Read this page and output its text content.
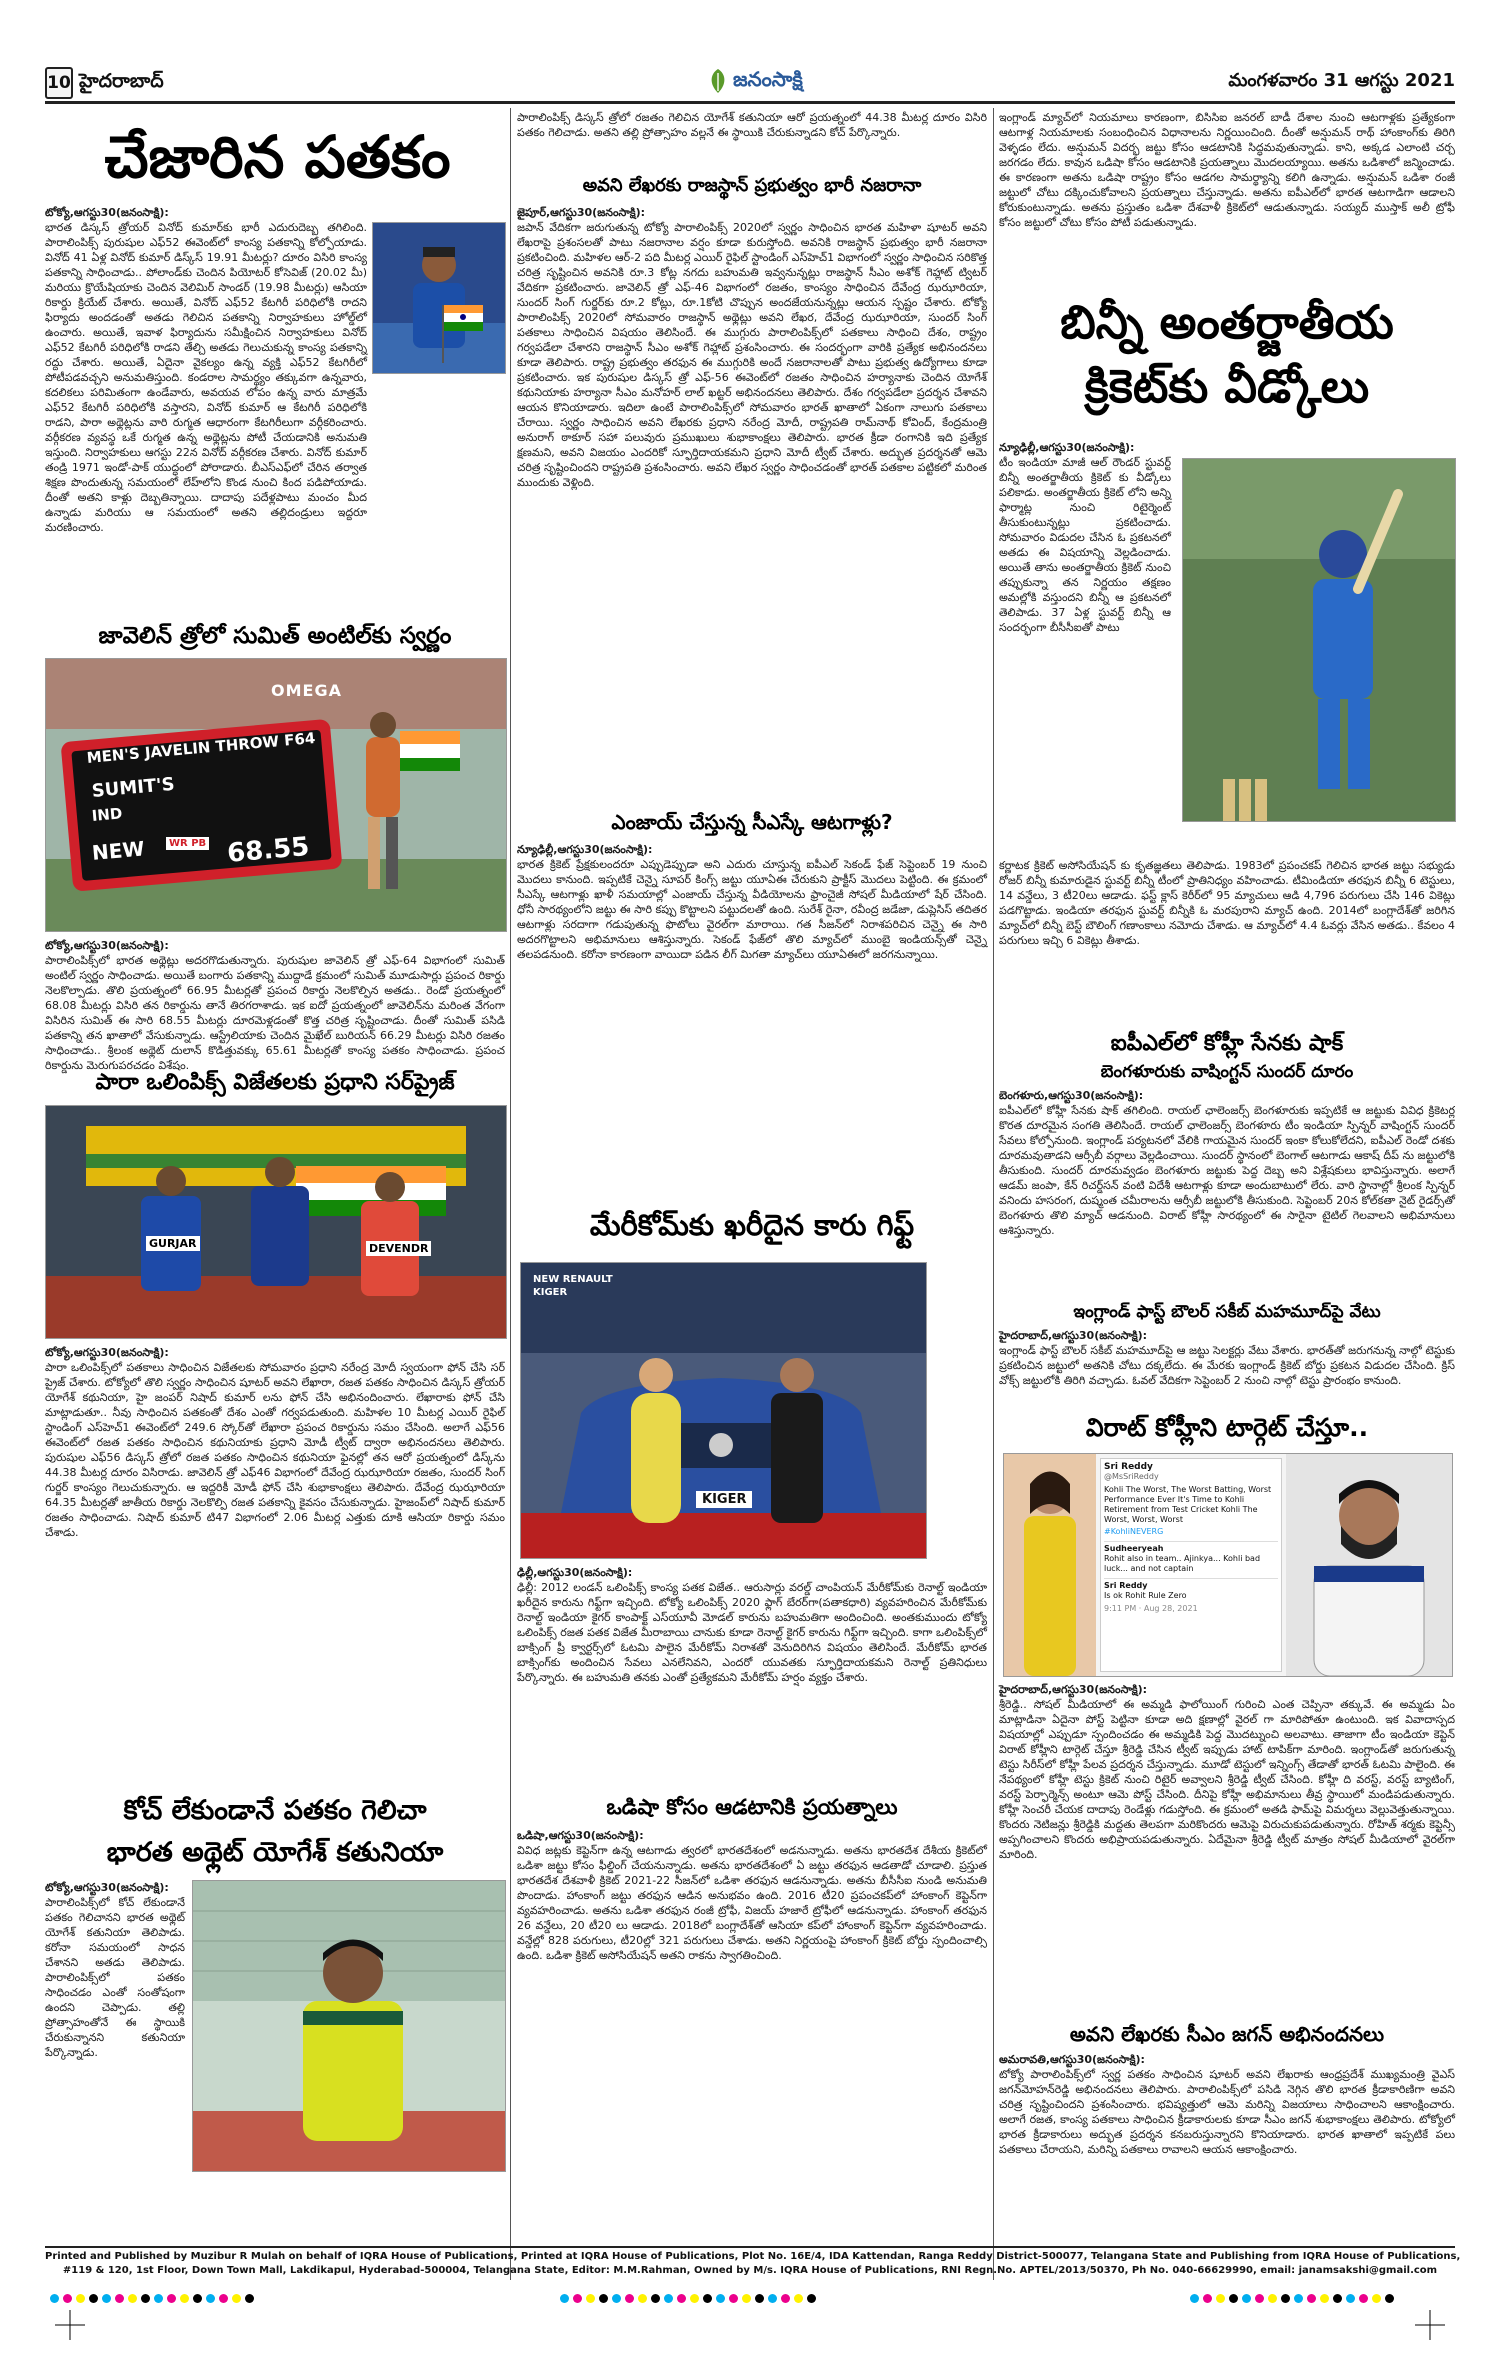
10 హైదరాబాద్	జనంసాక్షి	మంగళవారం 31 ఆగస్టు 2021
చేజారిన పతకం
టోక్యో,ఆగస్టు30(జనంసాక్షి):
భారత డిస్కస్‌ త్రోయర్‌ వినోద్‌ కుమార్‌కు భారీ ఎదురుదెబ్బ తగిలింది. పారాలింపిక్స్‌ పురుషుల ఎఫ్‌52 ఈవెంట్‌లో కాంస్య పతకాన్ని కోల్పోయాడు. వినోద్‌ 41 ఏళ్ల వినోద్‌ కుమార్‌ డిస్క్‌స్‌ 19.91 మీటర్లు? దూరం విసిరి కాంస్య పతకాన్ని సాధించాడు.. పోలాండ్‌కు చెందిన పియోటర్‌ కోసెవిజ్‌ (20.02 మీ) మరియు క్రొయేషియాకు చెందిన వెలిమిర్‌ సాండర్‌ (19.98 మీటర్లు) ఆసియా రికార్డు క్రియేట్‌ చేశారు. అయితే, వినోద్‌ ఎఫ్‌52 కేటగిరీ పరిధిలోకి రాదని ఫిర్యాదు అందడంతో అతడు గెలిచిన పతకాన్ని నిర్వాహకులు హోల్డ్‌లో ఉంచారు. అయితే, ఇవాళ ఫిర్యాదును సమీక్షించిన నిర్వాహకులు వినోద్‌ ఎఫ్‌52 కేటగిరీ పరిధిలోకి రాడని తేల్చి అతడు గెలుచుకున్న కాంస్య పతకాన్ని రద్దు చేశారు. అయితే, ఏదైనా వైకల్యం ఉన్న వ్యక్తి ఎఫ్‌52 కేటగిరీలో పోటీపడవచ్చని అనుమతిస్తుంది. కండరాల సామర్థ్యం తక్కువగా ఉన్నవారు, కదలికలు పరిమితంగా ఉండేవారు, అవయవ లోపం ఉన్న వారు మాత్రమే ఎఫ్‌52 కేటగిరీ పరిధిలోకి వస్తారని, వినోద్‌ కుమార్‌ ఆ కేటగిరీ పరిధిలోకి రాడని, పారా అథ్లెట్లను వారి రుగ్మత ఆధారంగా కేటగిరీలుగా వర్గీకరించారు. వర్గీకరణ వ్యవస్థ ఒకే రుగ్మత ఉన్న అథ్లెట్లను పోటీ చేయడానికి అనుమతి ఇస్తుంది. నిర్వాహకులు ఆగస్టు 22న వినోద్‌ వర్గీకరణ చేశారు. వినోద్‌ కుమార్‌ తండ్రి 1971 ఇండో-పాక్‌ యుద్ధంలో పోరాడారు. బీఎస్‌ఎఫ్‌లో చేరిన తర్వాత శిక్షణ పొందుతున్న సమయంలో లేహ్‌లోని కొండ నుంచి కింద పడిపోయాడు. దీంతో అతని కాళ్లు దెబ్బతిన్నాయి. దాదాపు పదేళ్లపాటు మంచం మీద ఉన్నాడు మరియు ఆ సమయంలో అతని తల్లిదండ్రులు ఇద్దరూ మరణించారు.
జావెలిన్‌ త్రోలో సుమిత్‌ అంటిల్‌కు స్వర్ణం
OMEGA
MEN'S JAVELIN THROW F64
SUMIT'S
IND
NEW	WR PB 68.55
టోక్యో,ఆగస్టు30(జనంసాక్షి):
పారాలింపిక్స్‌లో భారత అథ్లెట్లు అదరగొడుతున్నారు. పురుషుల జావెలిన్‌ త్రో ఎఫ్‌-64 విభాగంలో సుమిత్‌ అంటిల్‌ స్వర్ణం సాధించాడు. అయితే బంగారు పతకాన్ని ముద్దాడే క్రమంలో సుమిత్‌ మూడుసార్లు ప్రపంచ రికార్డు నెలకొల్పాడు. తొలి ప్రయత్నంలో 66.95 మీటర్లతో ప్రపంచ రికార్డు నెలకొల్పిన అతడు.. రెండో ప్రయత్నంలో 68.08 మీటర్లు విసిరి తన రికార్డును తానే తిరగరాశాడు. ఇక ఐదో ప్రయత్నంలో జావెలిన్‌ను మరింత వేగంగా విసిరిన సుమిత్‌ ఈ సారి 68.55 మీటర్లు దూరమెళ్లడంతో కొత్త చరిత్ర సృష్టించాడు. దీంతో సుమిత్‌ పసిడి పతకాన్ని తన ఖాతాలో వేసుకున్నాడు. ఆస్ట్రేలియాకు చెందిన మైఖేల్‌ బురియన్‌ 66.29 మీటర్లు విసిరి రజతం సాధించాడు.. శ్రీలంక అథ్లెట్‌ దులాన్‌ కొడిత్తువక్కు 65.61 మీటర్లతో కాంస్య పతకం సాధించాడు. ప్రపంచ రికార్డును మెరుగుపరచడం విశేషం.
పారా ఒలింపిక్స్‌ విజేతలకు ప్రధాని సర్‌ప్రైజ్‌
GURJAR	DEVENDR
టోక్యో,ఆగస్టు30(జనంసాక్షి):
పారా ఒలింపిక్స్‌లో పతకాలు సాధించిన విజేతలకు సోమవారం ప్రధాని నరేంద్ర మోదీ స్వయంగా ఫోన్‌ చేసి సర్‌ ప్రైజ్‌ చేశారు. టోక్యోలో తొలి స్వర్ణం సాధించిన షూటర్‌ అవని లేఖారా, రజత పతకం సాధించిన డిస్కస్‌ త్రోయర్‌ యోగేశ్‌ కథునియా, హై జంపర్‌ నిషాద్‌ కుమార్‌ లను ఫోన్‌ చేసి అభినందించారు. లేఖారాకు ఫోన్‌ చేసి మాట్లాడుతూ.. నీవు సాధించిన పతకంతో దేశం ఎంతో గర్వపడుతుంది. మహిళల 10 మీటర్ల ఎయిర్‌ రైఫిల్‌ స్టాండింగ్‌ ఎస్‌హెచ్‌1 ఈవెంట్‌లో 249.6 స్కోర్‌తో లేఖారా ప్రపంచ రికార్డును సమం చేసింది. అలాగే ఎఫ్‌56 ఈవెంట్‌లో రజత పతకం సాధించిన కథునియాకు ప్రధాని మోడీ ట్వీట్‌ ద్వారా అభినందనలు తెలిపారు. పురుషుల ఎఫ్‌56 డిస్కస్‌ త్రోలో రజత పతకం సాధించిన కథునియా ఫైనల్లో తన ఆరో ప్రయత్నంలో డిస్క్‌ను 44.38 మీటర్ల దూరం విసిరాడు. జావెలిన్‌ త్రో ఎఫ్‌46 విభాగంలో దేవేంద్ర ఝఝారియా రజతం, సుందర్‌ సింగ్‌ గుర్జర్‌ కాంస్యం గెలుచుకున్నారు. ఆ ఇద్దరికీ మోడీ ఫోన్‌ చేసి శుభాకాంక్షలు తెలిపారు. దేవేంద్ర ఝఝారియా 64.35 మీటర్లతో జాతీయ రికార్డు నెలకొల్పి రజత పతకాన్ని కైవసం చేసుకున్నాడు. హైజంప్‌లో నిషాద్‌ కుమార్‌ రజతం సాధించాడు. నిషాద్‌ కుమార్‌ టి47 విభాగంలో 2.06 మీటర్ల ఎత్తుకు దూకి ఆసియా రికార్డు సమం చేశాడు.
కోచ్‌ లేకుండానే పతకం గెలిచా
భారత అథ్లెట్‌ యోగేశ్‌ కతునియా
టోక్యో,ఆగస్టు30(జనంసాక్షి):
పారాలింపిక్స్‌లో కోచ్‌ లేకుండానే పతకం గెలిచానని భారత అథ్లెట్‌ యోగేశ్‌ కతునియా తెలిపాడు. కరోనా సమయంలో సాధన చేశానని అతడు తెలిపాడు. పారాలింపిక్స్‌లో పతకం సాధించడం ఎంతో సంతోషంగా ఉందని చెప్పాడు. తల్లి ప్రోత్సాహంతోనే ఈ స్థాయికి చేరుకున్నానని కతునియా పేర్కొన్నాడు.
పారాలింపిక్స్‌ డిస్కస్‌ త్రోలో రజతం గెలిచిన యోగేశ్‌ కతునియా ఆరో ప్రయత్నంలో 44.38 మీటర్ల దూరం విసిరి పతకం గెలిచాడు. అతని తల్లి ప్రోత్సాహం వల్లనే ఈ స్థాయికి చేరుకున్నాడని కోచ్‌ పేర్కొన్నారు.
అవని లేఖరకు రాజస్థాన్‌ ప్రభుత్వం భారీ నజరానా
జైపూర్‌,ఆగస్టు30(జనంసాక్షి):
జపాన్‌ వేదికగా జరుగుతున్న టోక్యో పారాలింపిక్స్‌ 2020లో స్వర్ణం సాధించిన భారత మహిళా షూటర్‌ అవని లేఖరాపై ప్రశంసలతో పాటు నజరానాల వర్షం కూడా కురుస్తోంది. అవనికి రాజస్థాన్‌ ప్రభుత్వం భారీ నజరానా ప్రకటించింది. మహిళల ఆర్‌-2 పది మీటర్ల ఎయిర్‌ రైఫిల్‌ స్టాండింగ్‌ ఎస్‌హెచ్‌1 విభాగంలో స్వర్ణం సాధించిన సరికొత్త చరిత్ర సృష్టించిన అవనికి రూ.3 కోట్ల నగదు బహుమతి ఇవ్వనున్నట్లు రాజస్థాన్‌ సీఎం అశోక్‌ గెహ్లాట్‌ ట్విటర్‌ వేదికగా ప్రకటించారు. జావెలిన్‌ త్రో ఎఫ్‌-46 విభాగంలో రజతం, కాంస్యం సాధించిన దేవేంద్ర ఝఝారియా, సుందర్‌ సింగ్‌ గుర్జర్‌కు రూ.2 కోట్లు, రూ.1కోటి చొప్పున అందజేయనున్నట్లు ఆయన స్పష్టం చేశారు. టోక్యో పారాలింపిక్స్‌ 2020లో సోమవారం రాజస్థాన్‌ అథ్లెట్లు అవని లేఖర, దేవేంద్ర ఝఝారియా, సుందర్‌ సింగ్‌ పతకాలు సాధించిన విషయం తెలిసిందే. ఈ ముగ్గురు పారాలింపిక్స్‌లో పతకాలు సాధించి దేశం, రాష్ట్రం గర్వపడేలా చేశారని రాజస్థాన్‌ సీఎం అశోక్‌ గెహ్లాట్‌ ప్రశంసించారు. ఈ సందర్భంగా వారికి ప్రత్యేక అభినందనలు కూడా తెలిపారు. రాష్ట్ర ప్రభుత్వం తరఫున ఈ ముగ్గురికి అందే నజరానాలతో పాటు ప్రభుత్వ ఉద్యోగాలు కూడా ప్రకటించారు. ఇక పురుషుల డిస్కస్‌ త్రో ఎఫ్‌-56 ఈవెంట్‌లో రజతం సాధించిన హర్యానాకు చెందిన యోగేశ్‌ కథునియాకు హర్యానా సీఎం మనోహర్‌ లాల్‌ ఖట్టర్‌ అభినందనలు తెలిపారు. దేశం గర్వపడేలా ప్రదర్శన చేశావని ఆయన కొనియాడారు. ఇదిలా ఉంటే పారాలింపిక్స్‌లో సోమవారం భారత్‌ ఖాతాలో ఏకంగా నాలుగు పతకాలు చేరాయి. స్వర్ణం సాధించిన అవని లేఖరకు ప్రధాని నరేంద్ర మోదీ, రాష్ట్రపతి రామ్‌నాథ్‌ కోవింద్‌, కేంద్రమంత్రి అనురాగ్‌ ఠాకూర్‌ సహా పలువురు ప్రముఖులు శుభాకాంక్షలు తెలిపారు. భారత క్రీడా రంగానికి ఇది ప్రత్యేక క్షణమని, అవని విజయం ఎందరికో స్ఫూర్తిదాయకమని ప్రధాని మోదీ ట్వీట్‌ చేశారు. అద్భుత ప్రదర్శనతో ఆమె చరిత్ర సృష్టించిందని రాష్ట్రపతి ప్రశంసించారు. అవని లేఖర స్వర్ణం సాధించడంతో భారత్‌ పతకాల పట్టికలో మరింత ముందుకు వెళ్లింది.
ఎంజాయ్‌ చేస్తున్న సీఎస్కే ఆటగాళ్లు?
న్యూఢిల్లీ,ఆగస్టు30(జనంసాక్షి):
భారత క్రికెట్‌ ప్రేక్షకులందరూ ఎప్పుడెప్పుడా అని ఎదురు చూస్తున్న ఐపీఎల్‌ సెకండ్‌ ఫేజ్‌ సెప్టెంబర్‌ 19 నుంచి మొదలు కానుంది. ఇప్పటికే చెన్నై సూపర్‌ కింగ్స్‌ జట్టు యూఏఈ చేరుకుని ప్రాక్టీస్‌ మొదలు పెట్టింది. ఈ క్రమంలో సీఎస్కే ఆటగాళ్లు ఖాళీ సమయాల్లో ఎంజాయ్‌ చేస్తున్న వీడియోలను ఫ్రాంచైజీ సోషల్‌ మీడియాలో షేర్‌ చేసింది. ధోనీ సారథ్యంలోని జట్టు ఈ సారి కప్పు కొట్టాలని పట్టుదలతో ఉంది. సురేశ్‌ రైనా, రవీంద్ర జడేజా, డుప్లెసిస్‌ తదితర ఆటగాళ్లు సరదాగా గడుపుతున్న ఫొటోలు వైరల్‌గా మారాయి. గత సీజన్‌లో నిరాశపరిచిన చెన్నై ఈ సారి అదరగొట్టాలని అభిమానులు ఆశిస్తున్నారు. సెకండ్‌ ఫేజ్‌లో తొలి మ్యాచ్‌లో ముంబై ఇండియన్స్‌తో చెన్నై తలపడనుంది. కరోనా కారణంగా వాయిదా పడిన లీగ్‌ మిగతా మ్యాచ్‌లు యూఏఈలో జరగనున్నాయి.
మేరీకోమ్‌కు ఖరీదైన కారు గిఫ్ట్‌
NEW RENAULT KIGER
KIGER
ఢిల్లీ,ఆగస్టు30(జనంసాక్షి):
ఢిల్లీ: 2012 లండన్‌ ఒలింపిక్స్‌ కాంస్య పతక విజేత.. ఆరుసార్లు వరల్డ్‌ చాంపియన్‌ మేరీకోమ్‌కు రెనాల్ట్‌ ఇండియా ఖరీదైన కారును గిఫ్ట్‌గా ఇచ్చింది. టోక్యో ఒలింపిక్స్‌ 2020 ఫ్లాగ్‌ బేరర్‌గా(పతాకధారి) వ్యవహరించిన మేరీకోమ్‌కు రెనాల్ట్‌ ఇండియా కైగర్‌ కాంపాక్ట్‌ ఎస్‌యూవీ మోడల్‌ కారును బహుమతిగా అందించింది. అంతకుముందు టోక్యో ఒలింపిక్స్‌ రజత పతక విజేత మీరాబాయి చానుకు కూడా రెనాల్ట్‌ కైగర్‌ కారును గిఫ్ట్‌గా ఇచ్చింది. కాగా ఒలింపిక్స్‌లో బాక్సింగ్‌ ప్రీ క్వార్టర్స్‌లో ఓటమి పాలైన మేరీకోమ్‌ నిరాశతో వెనుదిరిగిన విషయం తెలిసిందే. మేరీకోమ్‌ భారత బాక్సింగ్‌కు అందించిన సేవలు ఎనలేనివని, ఎందరో యువతకు స్ఫూర్తిదాయకమని రెనాల్ట్‌ ప్రతినిధులు పేర్కొన్నారు. ఈ బహుమతి తనకు ఎంతో ప్రత్యేకమని మేరీకోమ్‌ హర్షం వ్యక్తం చేశారు.
ఒడిషా కోసం ఆడటానికి ప్రయత్నాలు
ఒడిషా,ఆగస్టు30(జనంసాక్షి):
వివిధ జట్లకు కెప్టెన్‌గా ఉన్న ఆటగాడు త్వరలో భారతదేశంలో అడనున్నాడు. అతను భారతదేశ దేశీయ క్రికెట్‌లో ఒడిశా జట్టు కోసం ఫీల్డింగ్‌ చేయనున్నాడు. అతను భారతదేశంలో ఏ జట్టు తరఫున ఆడతాడో చూడాలి. ప్రస్తుత భారతదేశ దేశవాళీ క్రికెట్‌ 2021-22 సీజన్‌లో ఒడిశా తరఫున ఆడనున్నాడు. అతను బీసీసీఐ నుండి అనుమతి పొందాడు. హాంకాంగ్‌ జట్టు తరఫున ఆడిన అనుభవం ఉంది. 2016 టీ20 ప్రపంచకప్‌లో హాంకాంగ్‌ కెప్టెన్‌గా వ్యవహరించాడు. అతను ఒడిశా తరఫున రంజీ ట్రోఫీ, విజయ్‌ హజారే ట్రోఫీలో ఆడనున్నాడు. హాంకాంగ్‌ తరఫున 26 వన్డేలు, 20 టీ20 లు ఆడాడు. 2018లో బంగ్లాదేశ్‌తో ఆసియా కప్‌లో హాంకాంగ్‌ కెప్టెన్‌గా వ్యవహరించాడు. వన్డేల్లో 828 పరుగులు, టీ20ల్లో 321 పరుగులు చేశాడు. అతని నిర్ణయంపై హాంకాంగ్‌ క్రికెట్‌ బోర్డు స్పందించాల్సి ఉంది. ఒడిశా క్రికెట్‌ అసోసియేషన్‌ అతని రాకను స్వాగతించింది.
ఇంగ్లాండ్‌ మ్యాచ్‌లో నియమాలు కారణంగా, బిసిసిఐ జనరల్‌ బాడీ దేశాల నుంచి ఆటగాళ్లకు ప్రత్యేకంగా ఆటగాళ్ల నియమాలకు సంబంధించిన విధానాలను నిర్ణయించింది. దీంతో అన్షుమన్‌ రాథ్‌ హాంకాంగ్‌కు తిరిగి వెళ్ళడం లేదు. అన్షుమన్‌ విదర్భ జట్టు కోసం ఆడటానికి సిద్ధమవుతున్నాడు. కాని, అక్కడ ఎలాంటి చర్చ జరగడం లేదు. కావున ఒడిషా కోసం ఆడటానికి ప్రయత్నాలు మొదలయ్యాయి. అతను ఒడిశాలో జన్మించాడు. ఈ కారణంగా అతను ఒడిషా రాష్ట్రం కోసం ఆడగల సామర్థ్యాన్ని కలిగి ఉన్నాడు. అన్షుమన్‌ ఒడిశా రంజీ జట్టులో చోటు దక్కించుకోవాలని ప్రయత్నాలు చేస్తున్నాడు. అతను ఐపీఎల్‌లో భారత ఆటగాడిగా ఆడాలని కోరుకుంటున్నాడు. అతను ప్రస్తుతం ఒడిశా దేశవాళీ క్రికెట్‌లో ఆడుతున్నాడు. సయ్యద్‌ ముస్తాక్‌ అలీ ట్రోఫీ కోసం జట్టులో చోటు కోసం పోటీ పడుతున్నాడు.
బిన్నీ అంతర్జాతీయ
క్రికెట్‌కు వీడ్కోలు
న్యూఢిల్లీ,ఆగస్టు30(జనంసాక్షి):
టీం ఇండియా మాజీ ఆల్‌ రౌండర్‌ స్టువర్ట్‌ బిన్నీ అంతర్జాతీయ క్రికెట్‌ కు వీడ్కోలు పలికాడు. అంతర్జాతీయ క్రికెట్‌ లోని అన్ని ఫార్మాట్ల నుంచి రిటైర్మెంట్‌ తీసుకుంటున్నట్లు ప్రకటించాడు. సోమవారం విడుదల చేసిన ఓ ప్రకటనలో అతడు ఈ విషయాన్ని వెల్లడించాడు. అయితే తాను అంతర్జాతీయ క్రికెట్‌ నుంచి తప్పుకున్నా తన నిర్ణయం తక్షణం అమల్లోకి వస్తుందని బిన్నీ ఆ ప్రకటనలో తెలిపాడు. 37 ఏళ్ల స్టువర్ట్‌ బిన్నీ ఆ సందర్భంగా బీసీసీఐతో పాటు
కర్ణాటక క్రికెట్‌ అసోసియేషన్‌ కు కృతజ్ఞతలు తెలిపాడు. 1983లో ప్రపంచకప్‌ గెలిచిన భారత జట్టు సభ్యుడు రోజర్‌ బిన్నీ కుమారుడైన స్టువర్ట్‌ బిన్నీ టీంలో ప్రాతినిధ్యం వహించాడు. టీమిండియా తరఫున బిన్నీ 6 టెస్టులు, 14 వన్డేలు, 3 టీ20లు ఆడాడు. ఫస్ట్‌ క్లాస్‌ కెరీర్‌లో 95 మ్యాచులు ఆడి 4,796 పరుగులు చేసి 146 వికెట్లు పడగొట్టాడు. ఇండియా తరఫున స్టువర్ట్‌ బిన్నీకి ఓ మరపురాని మ్యాచ్‌ ఉంది. 2014లో బంగ్లాదేశ్‌తో జరిగిన మ్యాచ్‌లో బిన్నీ బెస్ట్‌ బౌలింగ్‌ గణాంకాలు నమోదు చేశాడు. ఆ మ్యాచ్‌లో 4.4 ఓవర్లు వేసిన అతడు.. కేవలం 4 పరుగులు ఇచ్చి 6 వికెట్లు తీశాడు.
ఐపీఎల్‌లో కోహ్లీ సేనకు షాక్‌
బెంగళూరుకు వాషింగ్టన్‌ సుందర్‌ దూరం
బెంగళూరు,ఆగస్టు30(జనంసాక్షి):
ఐపీఎల్‌లో కోహ్లీ సేనకు షాక్‌ తగిలింది. రాయల్‌ ఛాలెంజర్స్‌ బెంగళూరుకు ఇప్పటికే ఆ జట్టుకు వివిధ క్రికెటర్ల కొరత దూరమైన సంగతి తెలిసిందే. రాయల్‌ ఛాలెంజర్స్‌ బెంగళూరు టీం ఇండియా స్పిన్నర్‌ వాషింగ్టన్‌ సుందర్‌ సేవలు కోల్పోనుంది. ఇంగ్లాండ్‌ పర్యటనలో వేలికి గాయమైన సుందర్‌ ఇంకా కోలుకోలేదని, ఐపీఎల్‌ రెండో దశకు దూరమవుతాడని ఆర్సీబీ వర్గాలు వెల్లడించాయి. సుందర్‌ స్థానంలో బెంగాల్‌ ఆటగాడు ఆకాష్‌ దీప్‌ ను జట్టులోకి తీసుకుంది. సుందర్‌ దూరమవ్వడం బెంగళూరు జట్టుకు పెద్ద దెబ్బ అని విశ్లేషకులు భావిస్తున్నారు. అలాగే ఆడమ్‌ జంపా, కేన్‌ రిచర్డ్‌సన్‌ వంటి విదేశీ ఆటగాళ్లు కూడా అందుబాటులో లేరు. వారి స్థానాల్లో శ్రీలంక స్పిన్నర్‌ వనిందు హసరంగ, దుష్మంత చమీరాలను ఆర్సీబీ జట్టులోకి తీసుకుంది. సెప్టెంబర్‌ 20న కోల్‌కతా నైట్‌ రైడర్స్‌తో బెంగళూరు తొలి మ్యాచ్‌ ఆడనుంది. విరాట్‌ కోహ్లీ సారథ్యంలో ఈ సారైనా టైటిల్‌ గెలవాలని అభిమానులు ఆశిస్తున్నారు.
ఇంగ్లాండ్‌ ఫాస్ట్‌ బౌలర్‌ సకీబ్‌ మహమూద్‌పై వేటు
హైదరాబాద్‌,ఆగస్టు30(జనంసాక్షి):
ఇంగ్లాండ్‌ ఫాస్ట్‌ బౌలర్‌ సకీబ్‌ మహమూద్‌పై ఆ జట్టు సెలక్టర్లు వేటు వేశారు. భారత్‌తో జరుగనున్న నాల్గో టెస్టుకు ప్రకటించిన జట్టులో అతనికి చోటు దక్కలేదు. ఈ మేరకు ఇంగ్లాండ్‌ క్రికెట్‌ బోర్డు ప్రకటన విడుదల చేసింది. క్రిస్‌ వోక్స్‌ జట్టులోకి తిరిగి వచ్చాడు. ఓవల్‌ వేదికగా సెప్టెంబర్‌ 2 నుంచి నాల్గో టెస్టు ప్రారంభం కానుంది.
విరాట్‌ కోహ్లీని టార్గెట్‌ చేస్తూ..
Sri Reddy
@MsSriReddy
Kohli The Worst, The Worst Batting, Worst Performance Ever It's Time to Kohli Retirement from Test Cricket Kohli The Worst, Worst, Worst
#KohliNEVERG
Sudheeryeah
Rohit also in team.. Ajinkya... Kohli bad luck... and not captain
Sri Reddy
Is ok Rohit Rule Zero
9:11 PM · Aug 28, 2021
హైదరాబాద్‌,ఆగస్టు30(జనంసాక్షి):
శ్రీరెడ్డి.. సోషల్‌ మీడియాలో ఈ అమ్మడి ఫాలోయింగ్‌ గురించి ఎంత చెప్పినా తక్కువే. ఈ అమ్మడు ఏం మాట్లాడినా ఏదైనా పోస్ట్‌ పెట్టినా కూడా అది క్షణాల్లో వైరల్‌ గా మారిపోతూ ఉంటుంది. ఇక వివాదాస్పద విషయాల్లో ఎప్పుడూ స్పందించడం ఈ అమ్మడికి పెద్ద మొదట్నుంచి అలవాటు. తాజాగా టీం ఇండియా కెప్టెన్‌ విరాట్‌ కోహ్లీని టార్గెట్‌ చేస్తూ శ్రీరెడ్డి చేసిన ట్వీట్‌ ఇప్పుడు హాట్‌ టాపిక్‌గా మారింది. ఇంగ్లాండ్‌తో జరుగుతున్న టెస్టు సిరీస్‌లో కోహ్లీ పేలవ ప్రదర్శన చేస్తున్నాడు. మూడో టెస్టులో ఇన్నింగ్స్‌ తేడాతో భారత్‌ ఓటమి పాలైంది. ఈ నేపథ్యంలో కోహ్లీ టెస్టు క్రికెట్‌ నుంచి రిటైర్‌ అవ్వాలని శ్రీరెడ్డి ట్వీట్‌ చేసింది. కోహ్లీ ది వరస్ట్‌, వరస్ట్‌ బ్యాటింగ్‌, వరస్ట్‌ పెర్ఫార్మెన్స్‌ అంటూ ఆమె పోస్ట్‌ చేసింది. దీనిపై కోహ్లీ అభిమానులు తీవ్ర స్థాయిలో మండిపడుతున్నారు. కోహ్లీ సెంచరీ చేయక దాదాపు రెండేళ్లు గడుస్తోంది. ఈ క్రమంలో అతడి ఫామ్‌పై విమర్శలు వెల్లువెత్తుతున్నాయి. కొందరు నెటిజన్లు శ్రీరెడ్డికి మద్దతు తెలపగా మరికొందరు ఆమెపై విరుచుకుపడుతున్నారు. రోహిత్‌ శర్మకు కెప్టెన్సీ అప్పగించాలని కొందరు అభిప్రాయపడుతున్నారు. ఏదేమైనా శ్రీరెడ్డి ట్వీట్‌ మాత్రం సోషల్‌ మీడియాలో వైరల్‌గా మారింది.
అవని లేఖరకు సీఎం జగన్‌ అభినందనలు
అమరావతి,ఆగస్టు30(జనంసాక్షి):
టోక్యో పారాలింపిక్స్‌లో స్వర్ణ పతకం సాధించిన షూటర్‌ అవని లేఖరాకు ఆంధ్రప్రదేశ్‌ ముఖ్యమంత్రి వైఎస్‌ జగన్‌మోహన్‌రెడ్డి అభినందనలు తెలిపారు. పారాలింపిక్స్‌లో పసిడి నెగ్గిన తొలి భారత క్రీడాకారిణిగా అవని చరిత్ర సృష్టించిందని ప్రశంసించారు. భవిష్యత్తులో ఆమె మరిన్ని విజయాలు సాధించాలని ఆకాంక్షించారు. అలాగే రజత, కాంస్య పతకాలు సాధించిన క్రీడాకారులకు కూడా సీఎం జగన్‌ శుభాకాంక్షలు తెలిపారు. టోక్యోలో భారత క్రీడాకారులు అద్భుత ప్రదర్శన కనబరుస్తున్నారని కొనియాడారు. భారత ఖాతాలో ఇప్పటికే పలు పతకాలు చేరాయని, మరిన్ని పతకాలు రావాలని ఆయన ఆకాంక్షించారు.
Printed and Published by Muzibur R Mulah on behalf of IQRA House of Publications, Printed at IQRA House of Publications, Plot No. 16E/4, IDA Kattendan, Ranga Reddy District-500077, Telangana State and Publishing from IQRA House of Publications,
#119 & 120, 1st Floor, Down Town Mall, Lakdikapul, Hyderabad-500004, Telangana State, Editor: M.M.Rahman, Owned by M/s. IQRA House of Publications, RNI Regn.No. APTEL/2013/50370, Ph No. 040-66629990, email: janamsakshi@gmail.com
